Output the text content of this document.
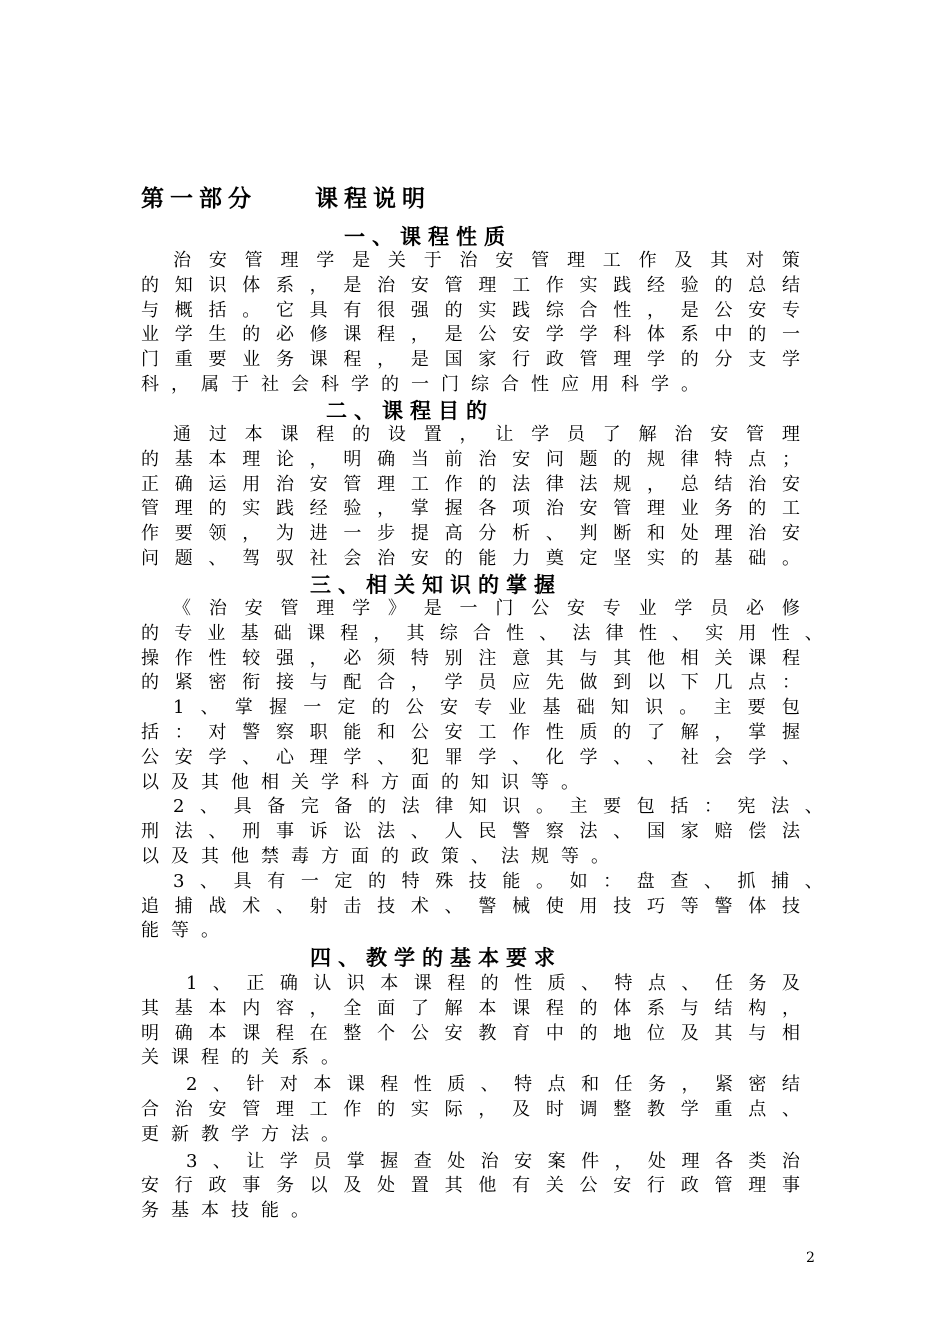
第一部分　　课程说明
一、课程性质
治 安 管 理 学 是 关 于 治 安 管 理 工 作 及 其 对 策
的 知 识 体 系 ， 是 治 安 管 理 工 作 实 践 经 验 的 总 结
与 概 括 。 它 具 有 很 强 的 实 践 综 合 性 ， 是 公 安 专
业 学 生 的 必 修 课 程 ， 是 公 安 学 学 科 体 系 中 的 一
门 重 要 业 务 课 程 ， 是 国 家 行 政 管 理 学 的 分 支 学
科 ， 属 于 社 会 科 学 的 一 门 综 合 性 应 用 科 学 。
二、课程目的
通 过 本 课 程 的 设 置 ， 让 学 员 了 解 治 安 管 理
的 基 本 理 论 ， 明 确 当 前 治 安 问 题 的 规 律 特 点 ；
正 确 运 用 治 安 管 理 工 作 的 法 律 法 规 ， 总 结 治 安
管 理 的 实 践 经 验 ， 掌 握 各 项 治 安 管 理 业 务 的 工
作 要 领 ， 为 进 一 步 提 高 分 析 、 判 断 和 处 理 治 安
问 题 、 驾 驭 社 会 治 安 的 能 力 奠 定 坚 实 的 基 础 。
三、相关知识的掌握
《 治 安 管 理 学 》 是 一 门 公 安 专 业 学 员 必 修
的 专 业 基 础 课 程 ， 其 综 合 性 、 法 律 性 、 实 用 性 、
操 作 性 较 强 ， 必 须 特 别 注 意 其 与 其 他 相 关 课 程
的 紧 密 衔 接 与 配 合 ， 学 员 应 先 做 到 以 下 几 点 ：
1 、 掌 握 一 定 的 公 安 专 业 基 础 知 识 。 主 要 包
括 ： 对 警 察 职 能 和 公 安 工 作 性 质 的 了 解 ， 掌 握
公 安 学 、 心 理 学 、 犯 罪 学 、 化 学 、 、 社 会 学 、
以 及 其 他 相 关 学 科 方 面 的 知 识 等 。
2 、 具 备 完 备 的 法 律 知 识 。 主 要 包 括 ： 宪 法 、
刑 法 、 刑 事 诉 讼 法 、 人 民 警 察 法 、 国 家 赔 偿 法
以 及 其 他 禁 毒 方 面 的 政 策 、 法 规 等 。
3 、 具 有 一 定 的 特 殊 技 能 。 如 ： 盘 查 、 抓 捕 、
追 捕 战 术 、 射 击 技 术 、 警 械 使 用 技 巧 等 警 体 技
能 等 。
四、教学的基本要求
1 、 正 确 认 识 本 课 程 的 性 质 、 特 点 、 任 务 及
其 基 本 内 容 ， 全 面 了 解 本 课 程 的 体 系 与 结 构 ，
明 确 本 课 程 在 整 个 公 安 教 育 中 的 地 位 及 其 与 相
关 课 程 的 关 系 。
2 、 针 对 本 课 程 性 质 、 特 点 和 任 务 ， 紧 密 结
合 治 安 管 理 工 作 的 实 际 ， 及 时 调 整 教 学 重 点 、
更 新 教 学 方 法 。
3 、 让 学 员 掌 握 查 处 治 安 案 件 ， 处 理 各 类 治
安 行 政 事 务 以 及 处 置 其 他 有 关 公 安 行 政 管 理 事
务 基 本 技 能 。
2
